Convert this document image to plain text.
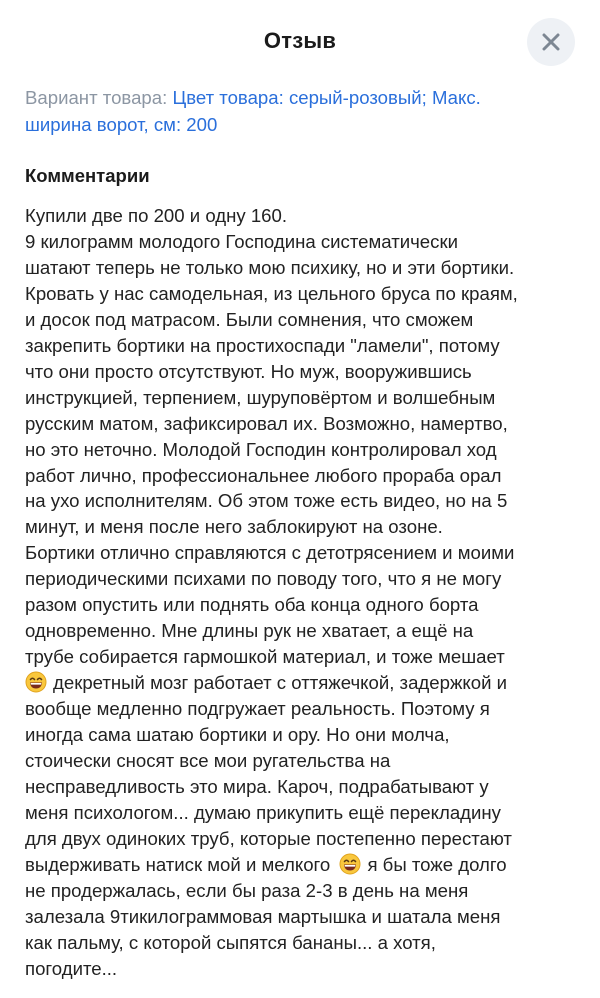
Отзыв
Вариант товара: Цвет товара: серый-розовый; Макс.
ширина ворот, см: 200
Комментарии
Купили две по 200 и одну 160.
9 килограмм молодого Господина систематически
шатают теперь не только мою психику, но и эти бортики.
Кровать у нас самодельная, из цельного бруса по краям,
и досок под матрасом. Были сомнения, что сможем
закрепить бортики на простихоспади "ламели", потому
что они просто отсутствуют. Но муж, вооружившись
инструкцией, терпением, шуруповёртом и волшебным
русским матом, зафиксировал их. Возможно, намертво,
но это неточно. Молодой Господин контролировал ход
работ лично, профессиональнее любого прораба орал
на ухо исполнителям. Об этом тоже есть видео, но на 5
минут, и меня после него заблокируют на озоне.
Бортики отлично справляются с детотрясением и моими
периодическими психами по поводу того, что я не могу
разом опустить или поднять оба конца одного борта
одновременно. Мне длины рук не хватает, а ещё на
трубе собирается гармошкой материал, и тоже мешает
декретный мозг работает с оттяжечкой, задержкой и
вообще медленно подгружает реальность. Поэтому я
иногда сама шатаю бортики и ору. Но они молча,
стоически сносят все мои ругательства на
несправедливость это мира. Кароч, подрабатывают у
меня психологом... думаю прикупить ещё перекладину
для двух одиноких труб, которые постепенно перестают
выдерживать натиск мой и мелкого я бы тоже долго
не продержалась, если бы раза 2-3 в день на меня
залезала 9тикилограммовая мартышка и шатала меня
как пальму, с которой сыпятся бананы... а хотя,
погодите...
